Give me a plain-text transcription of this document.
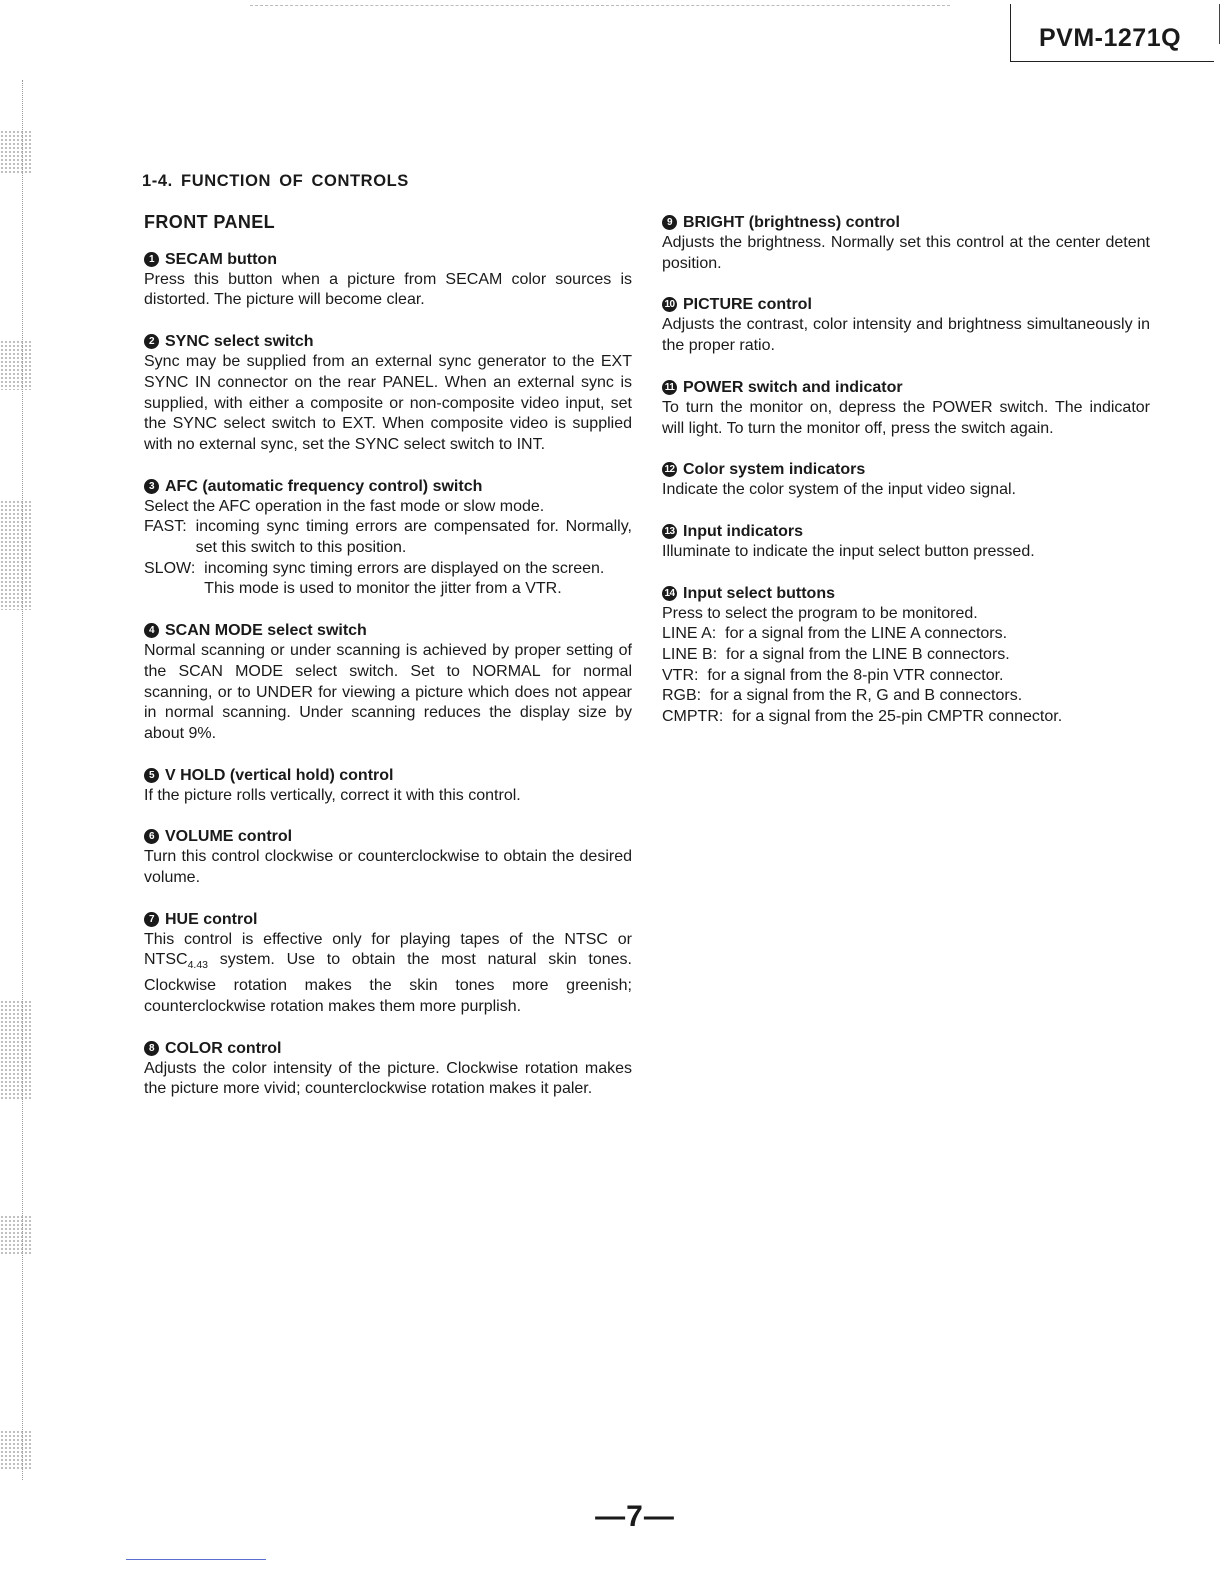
PVM-1271Q
1-4. FUNCTION OF CONTROLS
FRONT PANEL
1 SECAM button

Press this button when a picture from SECAM color sources is distorted. The picture will become clear.

2 SYNC select switch

Sync may be supplied from an external sync generator to the EXT SYNC IN connector on the rear PANEL. When an external sync is supplied, with either a composite or non-composite video input, set the SYNC select switch to EXT. When composite video is supplied with no external sync, set the SYNC select switch to INT.

3 AFC (automatic frequency control) switch

Select the AFC operation in the fast mode or slow mode.

FAST: incoming sync timing errors are compensated for. Normally, set this switch to this position.
SLOW: incoming sync timing errors are displayed on the screen.
This mode is used to monitor the jitter from a VTR.
4 SCAN MODE select switch

Normal scanning or under scanning is achieved by proper setting of the SCAN MODE select switch. Set to NORMAL for normal scanning, or to UNDER for viewing a picture which does not appear in normal scanning. Under scanning reduces the display size by about 9%.

5 V HOLD (vertical hold) control

If the picture rolls vertically, correct it with this control.

6 VOLUME control

Turn this control clockwise or counterclockwise to obtain the desired volume.

7 HUE control

This control is effective only for playing tapes of the NTSC or $NTSC_{4.43}$ system. Use to obtain the most natural skin tones. Clockwise rotation makes the skin tones more greenish; counterclockwise rotation makes them more purplish.

8 COLOR control

Adjusts the color intensity of the picture. Clockwise rotation makes the picture more vivid; counterclockwise rotation makes it paler.

9 BRIGHT (brightness) control

Adjusts the brightness. Normally set this control at the center detent position.

10 PICTURE control

Adjusts the contrast, color intensity and brightness simultaneously in the proper ratio.

11 POWER switch and indicator

To turn the monitor on, depress the POWER switch. The indicator will light. To turn the monitor off, press the switch again.

12 Color system indicators

Indicate the color system of the input video signal.

13 Input indicators

Illuminate to indicate the input select button pressed.

14 Input select buttons

Press to select the program to be monitored.

LINE A: for a signal from the LINE A connectors.
LINE B: for a signal from the LINE B connectors.
VTR: for a signal from the 8-pin VTR connector.
RGB: for a signal from the R, G and B connectors.
CMPTR: for a signal from the 25-pin CMPTR connector.
—7—
